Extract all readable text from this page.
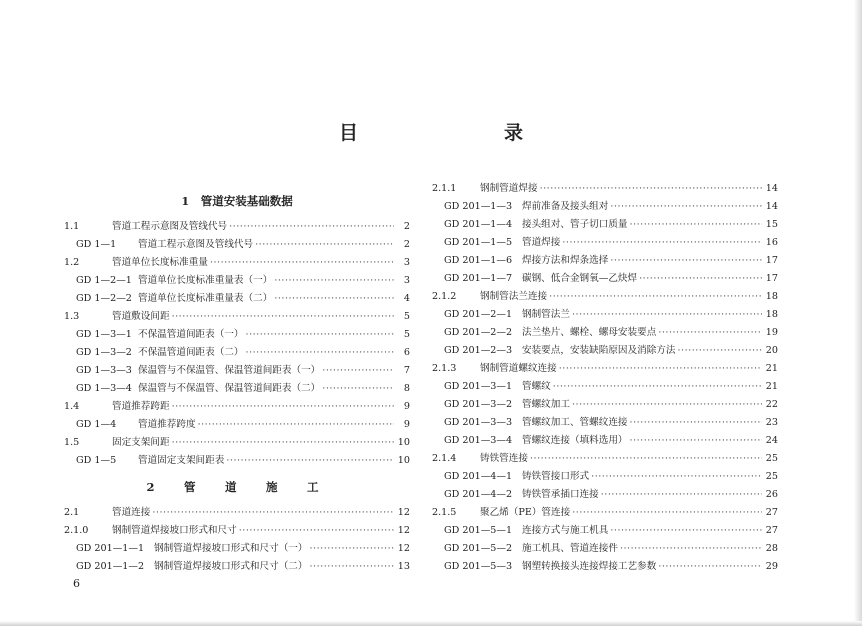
目　　录
1　管道安装基础数据
1.1	管道工程示意图及管线代号 ·····	2
GD 1—1	管道工程示意图及管线代号 ·····	2
1.2	管道单位长度标准重量 ·····	3
GD 1—2—1 管道单位长度标准重量表（一） ·····	3
GD 1—2—2 管道单位长度标准重量表（二） ·····	4
1.3	管道敷设间距 ·····	5
GD 1—3—1 不保温管道间距表（一） ·····	5
GD 1—3—2 不保温管道间距表（二） ·····	6
GD 1—3—3 保温管与不保温管、保温管道间距表（一） ·····	7
GD 1—3—4 保温管与不保温管、保温管道间距表（二） ·····	8
1.4	管道推荐跨距 ·····	9
GD 1—4	管道推荐跨度 ·····	9
1.5	固定支架间距 ·····	10
GD 1—5	管道固定支架间距表 ·····	10
2　管　道　施　工
2.1	管道连接 ·····	12
2.1.0	钢制管道焊接坡口形式和尺寸 ·····	12
GD 201—1—1	钢制管道焊接坡口形式和尺寸（一） ·····	12
GD 201—1—2	钢制管道焊接坡口形式和尺寸（二） ·····	13
2.1.1	钢制管道焊接 ·····	14
GD 201—1—3	焊前准备及接头组对 ·····	14
GD 201—1—4	接头组对、管子切口质量 ·····	15
GD 201—1—5	管道焊接 ·····	16
GD 201—1—6	焊接方法和焊条选择 ·····	17
GD 201—1—7	碳钢、低合金钢氧—乙炔焊 ·····	17
2.1.2	钢制管法兰连接 ·····	18
GD 201—2—1	钢制管法兰 ·····	18
GD 201—2—2	法兰垫片、螺栓、螺母安装要点 ·····	19
GD 201—2—3	安装要点，安装缺陷原因及消除方法 ·····	20
2.1.3	钢制管道螺纹连接 ·····	21
GD 201—3—1	管螺纹 ·····	21
GD 201—3—2	管螺纹加工 ·····	22
GD 201—3—3	管螺纹加工、管螺纹连接 ·····	23
GD 201—3—4	管螺纹连接（填料选用） ·····	24
2.1.4	铸铁管连接 ·····	25
GD 201—4—1	铸铁管接口形式 ·····	25
GD 201—4—2	铸铁管承插口连接 ·····	26
2.1.5	聚乙烯（PE）管连接 ·····	27
GD 201—5—1	连接方式与施工机具 ·····	27
GD 201—5—2	施工机具、管道连接件 ·····	28
GD 201—5—3	钢塑转换接头连接焊接工艺参数 ·····	29
6
